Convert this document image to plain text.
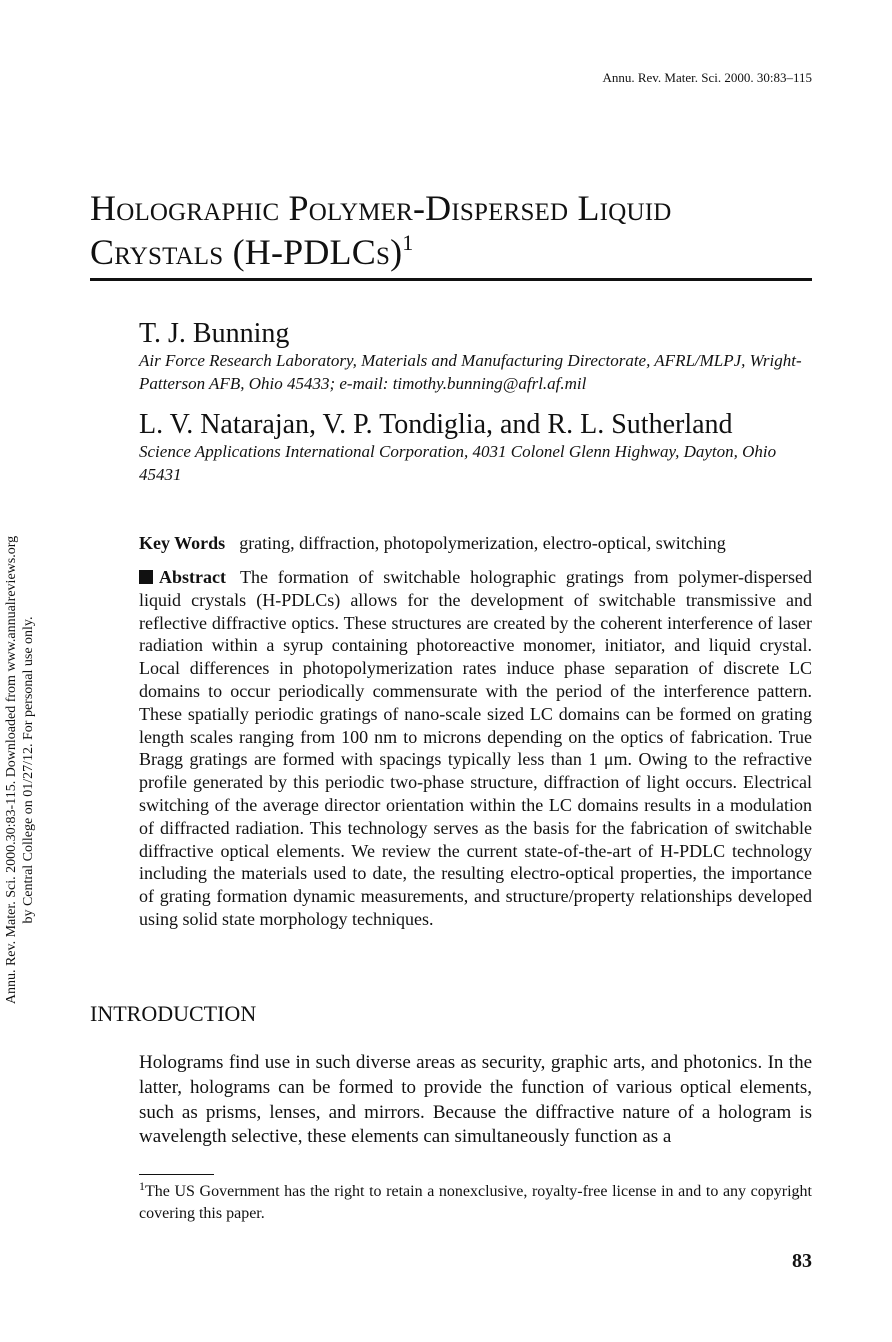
Annu. Rev. Mater. Sci. 2000. 30:83–115
Annu. Rev. Mater. Sci. 2000.30:83-115. Downloaded from www.annualreviews.org by Central College on 01/27/12. For personal use only.
Holographic Polymer-Dispersed Liquid
Crystals (H-PDLCs)$^1$
T. J. Bunning
Air Force Research Laboratory, Materials and Manufacturing Directorate, AFRL/MLPJ, Wright-Patterson AFB, Ohio 45433; e-mail: timothy.bunning@afrl.af.mil
L. V. Natarajan, V. P. Tondiglia, and R. L. Sutherland
Science Applications International Corporation, 4031 Colonel Glenn Highway, Dayton, Ohio 45431
Key Words grating, diffraction, photopolymerization, electro-optical, switching
Abstract The formation of switchable holographic gratings from polymer-dispersed liquid crystals (H-PDLCs) allows for the development of switchable transmissive and reflective diffractive optics. These structures are created by the coherent interference of laser radiation within a syrup containing photoreactive monomer, initiator, and liquid crystal. Local differences in photopolymerization rates induce phase separation of discrete LC domains to occur periodically commensurate with the period of the interference pattern. These spatially periodic gratings of nano-scale sized LC domains can be formed on grating length scales ranging from 100 nm to microns depending on the optics of fabrication. True Bragg gratings are formed with spacings typically less than 1 μm. Owing to the refractive profile generated by this periodic two-phase structure, diffraction of light occurs. Electrical switching of the average director orientation within the LC domains results in a modulation of diffracted radiation. This technology serves as the basis for the fabrication of switchable diffractive optical elements. We review the current state-of-the-art of H-PDLC technology including the materials used to date, the resulting electro-optical properties, the importance of grating formation dynamic measurements, and structure/property relationships developed using solid state morphology techniques.
INTRODUCTION

Holograms find use in such diverse areas as security, graphic arts, and photonics. In the latter, holograms can be formed to provide the function of various optical elements, such as prisms, lenses, and mirrors. Because the diffractive nature of a hologram is wavelength selective, these elements can simultaneously function as a

$^1$The US Government has the right to retain a nonexclusive, royalty-free license in and to any copyright covering this paper.

83
